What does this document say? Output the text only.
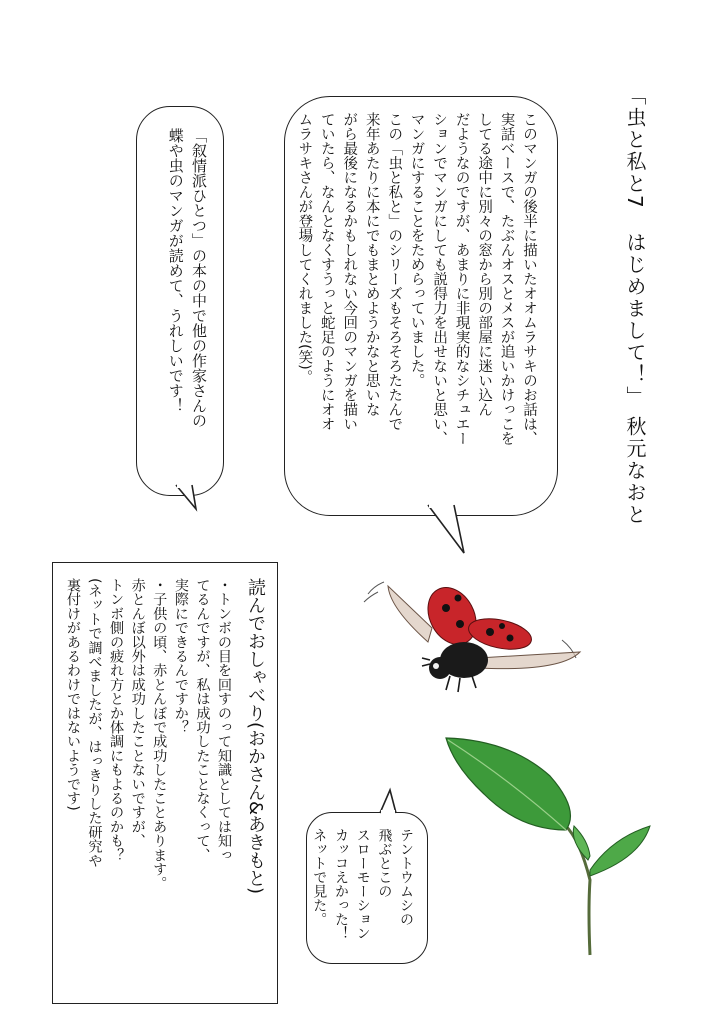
「虫と私と7　はじめまして！」 秋元なおと
このマンガの後半に描いたオオムラサキのお話は、
実話ベースで、たぶんオスとメスが追いかけっこを
してる途中に別々の窓から別の部屋に迷い込ん
だようなのですが、あまりに非現実的なシチュエー
ションでマンガにしても説得力を出せないと思い、
マンガにすることをためらっていました。
この「虫と私と」のシリーズもそろそろたたんで
来年あたりに本にでもまとめようかなと思いな
がら最後になるかもしれない今回のマンガを描い
ていたら、なんとなくすうっと蛇足のようにオオ
ムラサキさんが登場してくれました(笑)。
「叙情派ひとつ」の本の中で他の作家さんの
蝶や虫のマンガが読めて、うれしいです！
読んでおしゃべり(おかさん&あきもと)
・トンボの目を回すのって知識としては知っ
てるんですが、私は成功したことなくって、
実際にできるんですか？
・子供の頃、赤とんぼで成功したことあります。
赤とんぼ以外は成功したことないですが、
トンボ側の疲れ方とか体調にもよるのかも？
(ネットで調べましたが、はっきりした研究や
裏付けがあるわけではないようです)
テントウムシの
飛ぶとこの
スローモーション
カッコえかった！
ネットで見た。
